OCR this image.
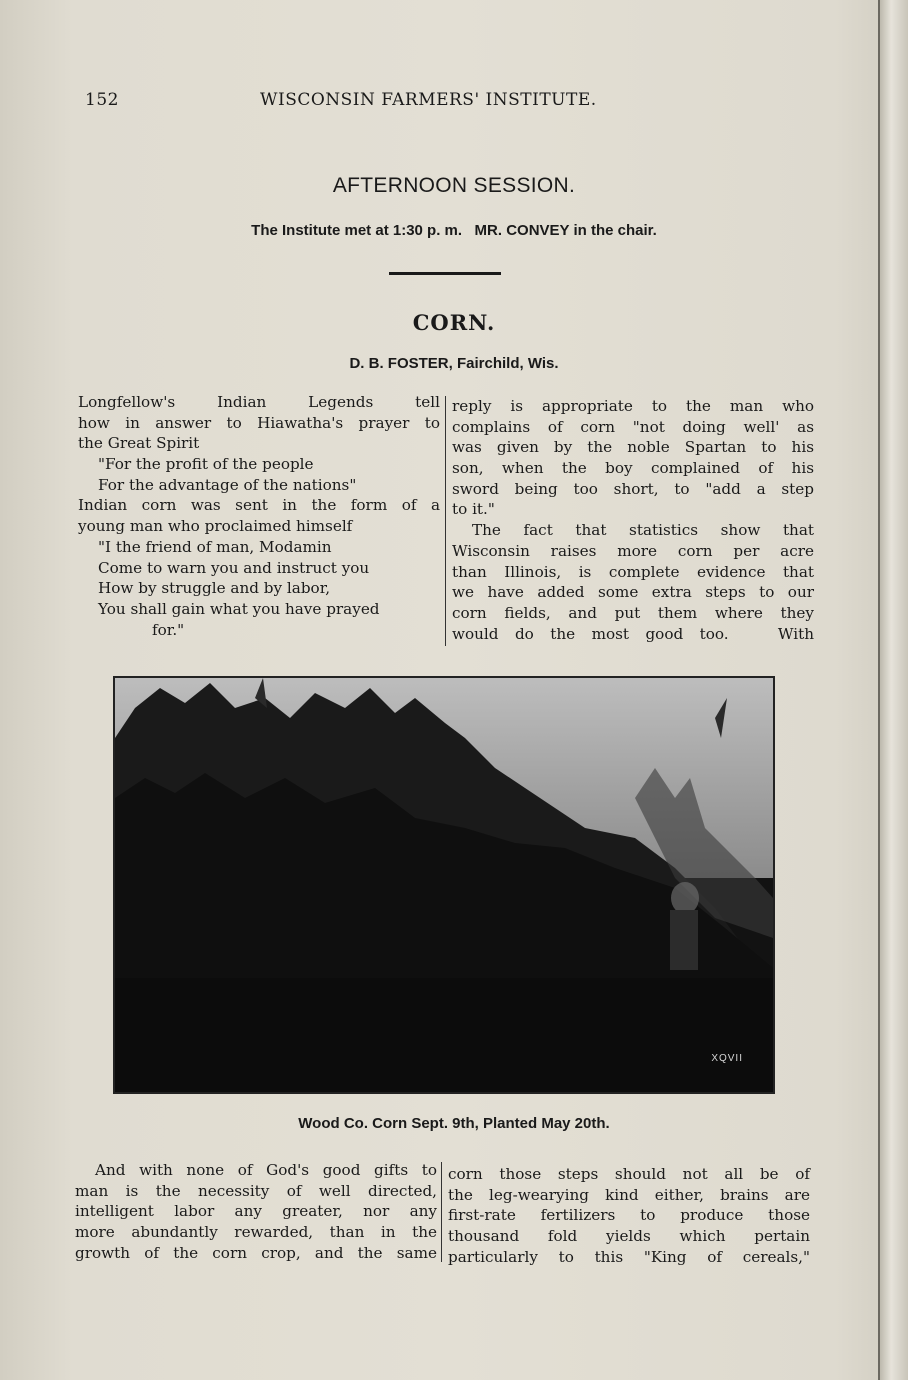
152	WISCONSIN FARMERS' INSTITUTE.
AFTERNOON SESSION.
The Institute met at 1:30 p. m.   MR. CONVEY in the chair.
CORN.
D. B. FOSTER, Fairchild, Wis.
Longfellow's Indian Legends tell
how in answer to Hiawatha's prayer to
the Great Spirit
"For the profit of the people
For the advantage of the nations"
Indian corn was sent in the form of a
young man who proclaimed himself
"I the friend of man, Modamin
Come to warn you and instruct you
How by struggle and by labor,
You shall gain what you have prayed
for."
reply is appropriate to the man who
complains of corn "not doing well' as
was given by the noble Spartan to his
son, when the boy complained of his
sword being too short, to "add a step
to it."
The fact that statistics show that
Wisconsin raises more corn per acre
than Illinois, is complete evidence that
we have added some extra steps to our
corn fields, and put them where they
would do the most good too.   With
XQVII
Wood Co. Corn Sept. 9th, Planted May 20th.
And with none of God's good gifts to
man is the necessity of well directed,
intelligent labor any greater, nor any
more abundantly rewarded, than in the
growth of the corn crop, and the same
corn those steps should not all be of
the leg-wearying kind either, brains are
first-rate fertilizers to produce those
thousand fold yields which pertain
particularly to this "King of cereals,"
